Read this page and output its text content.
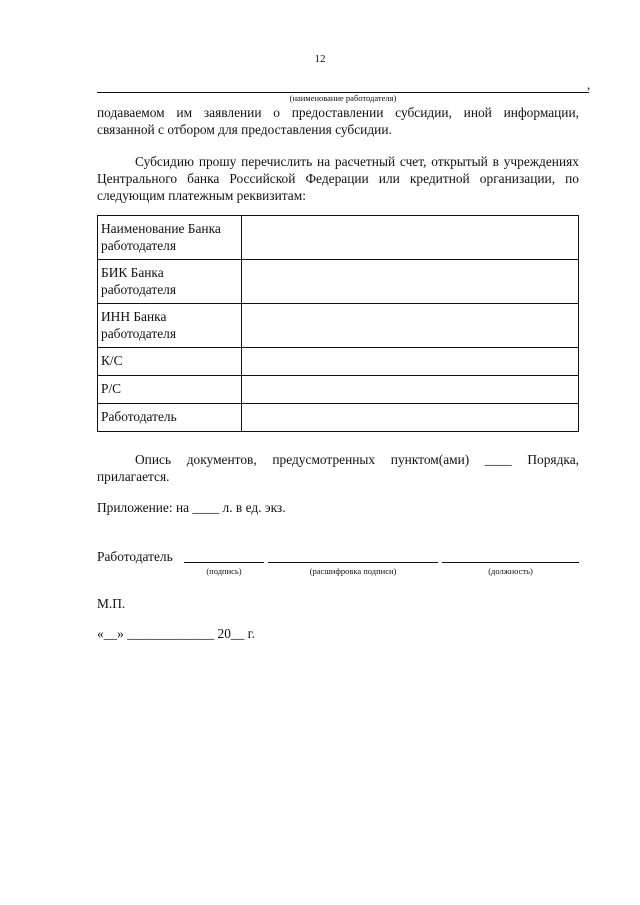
12
,
(наименование работодателя)
подаваемом им заявлении о предоставлении субсидии, иной информации, связанной с отбором для предоставления субсидии.
Субсидию прошу перечислить на расчетный счет, открытый в учреждениях Центрального банка Российской Федерации или кредитной организации, по следующим платежным реквизитам:
Наименование Банка работодателя	
БИК Банка работодателя	
ИНН Банка работодателя	
К/С	
Р/С	
Работодатель	
Опись документов, предусмотренных пунктом(ами) ____ Порядка, прилагается.
Приложение: на ____ л. в ед. экз.
Работодатель
(подпись)	(расшифровка подписи)	(должность)
М.П.
«__» _____________ 20__ г.
